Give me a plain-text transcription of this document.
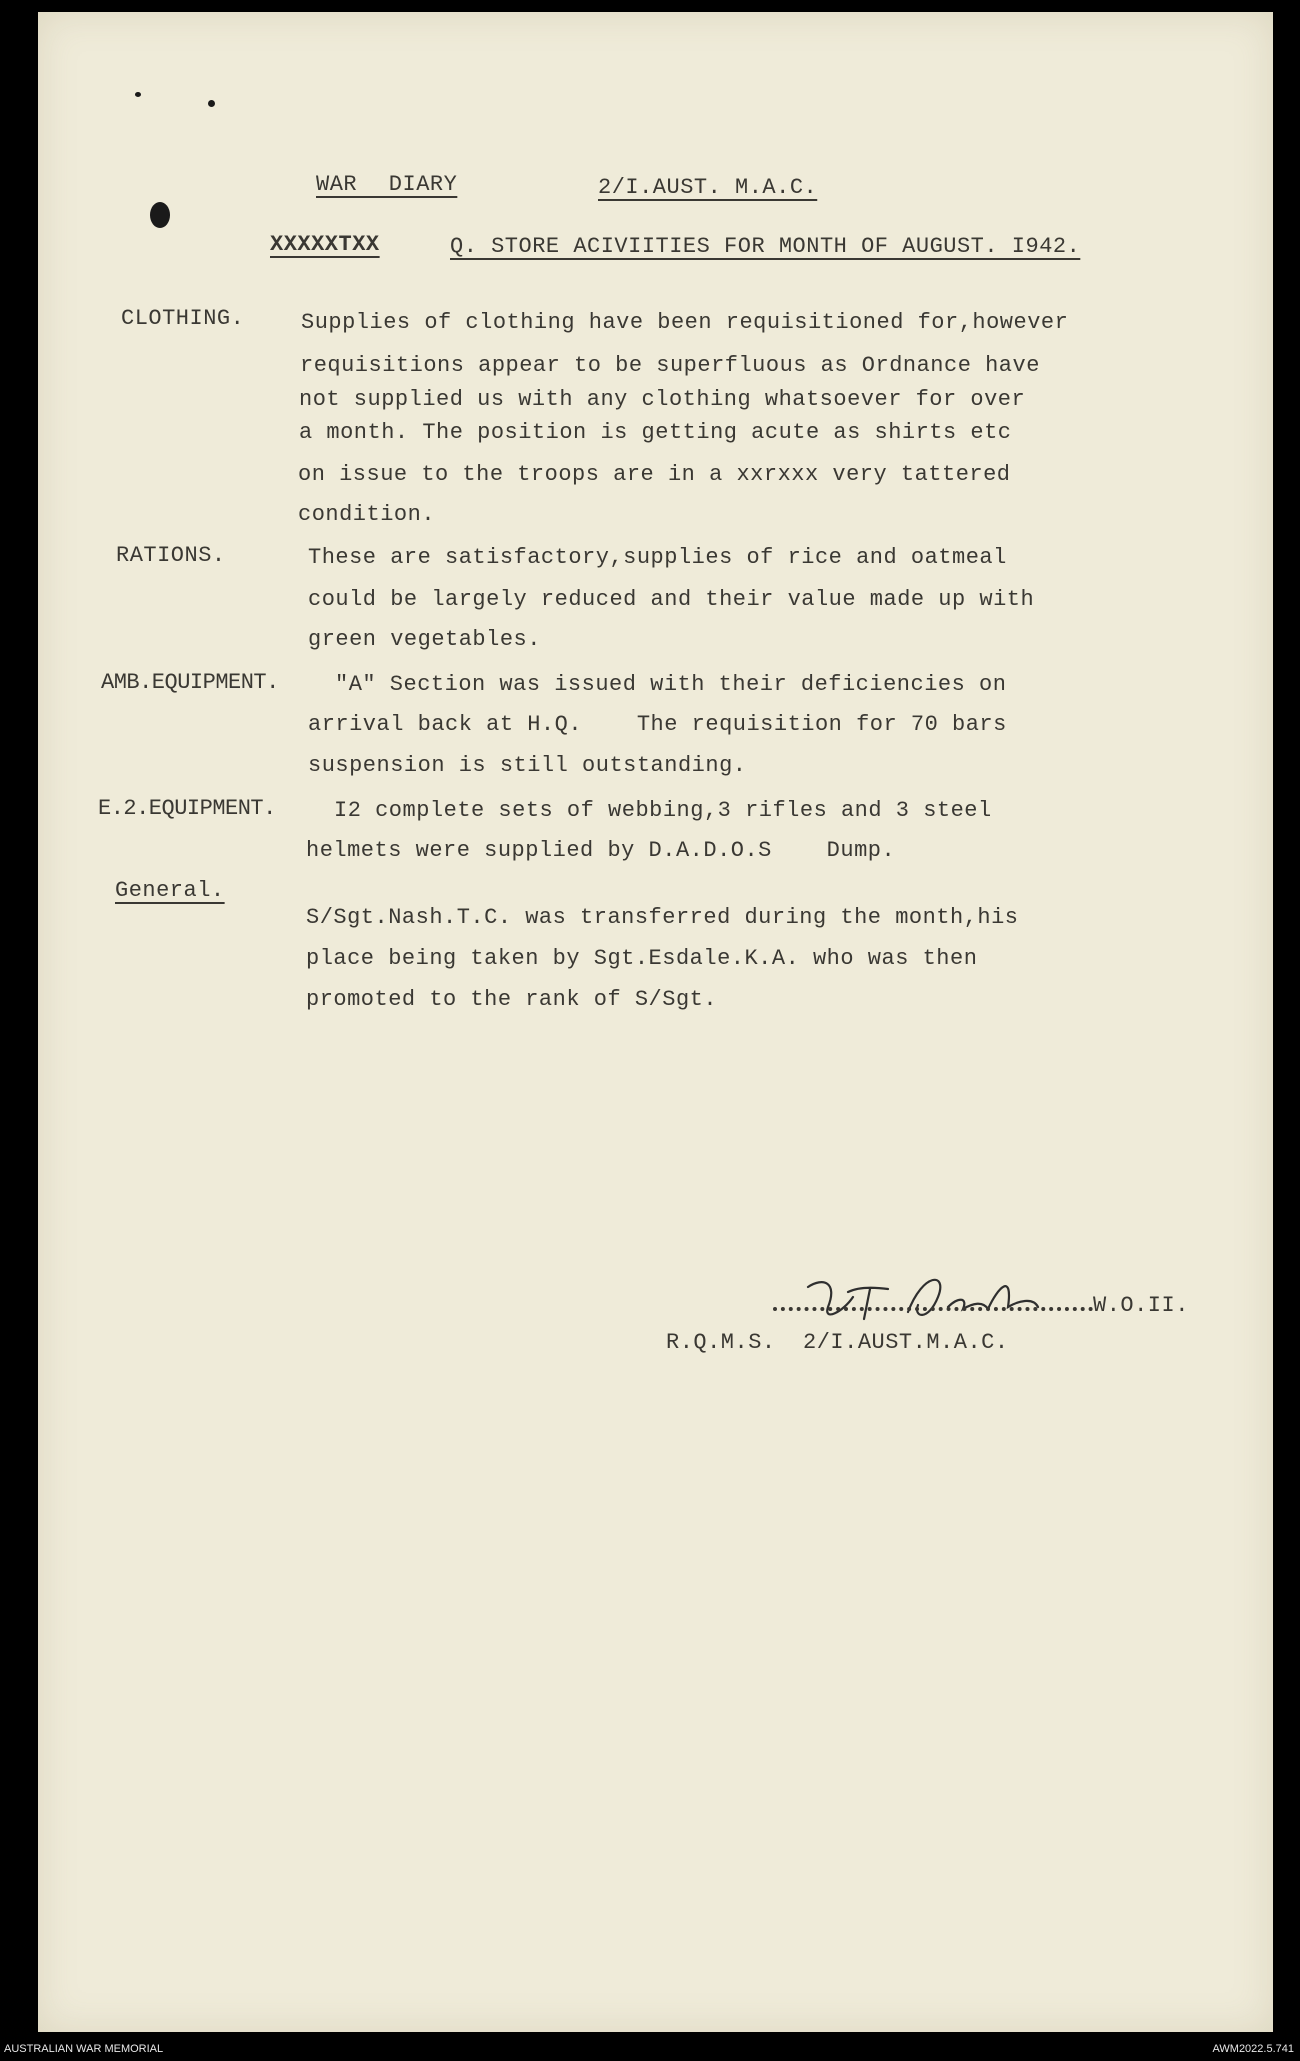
WAR DIARY	2/I.AUST. M.A.C.
XXXXXTXX	Q. STORE ACIVIITIES FOR MONTH OF AUGUST. I942.
CLOTHING.	Supplies of clothing have been requisitioned for,however
requisitions appear to be superfluous as Ordnance have
not supplied us with any clothing whatsoever for over
a month. The position is getting acute as shirts etc
on issue to the troops are in a xxrxxx very tattered
condition.
RATIONS.	These are satisfactory,supplies of rice and oatmeal
could be largely reduced and their value made up with
green vegetables.
AMB.EQUIPMENT.	"A" Section was issued with their deficiencies on
arrival back at H.Q.    The requisition for 70 bars
suspension is still outstanding.
E.2.EQUIPMENT.	I2 complete sets of webbing,3 rifles and 3 steel
helmets were supplied by D.A.D.O.S    Dump.
General.
S/Sgt.Nash.T.C. was transferred during the month,his
place being taken by Sgt.Esdale.K.A. who was then
promoted to the rank of S/Sgt.
N.T. Sealy
W.O.II.
R.Q.M.S.  2/I.AUST.M.A.C.
AUSTRALIAN WAR MEMORIAL	AWM2022.5.741
